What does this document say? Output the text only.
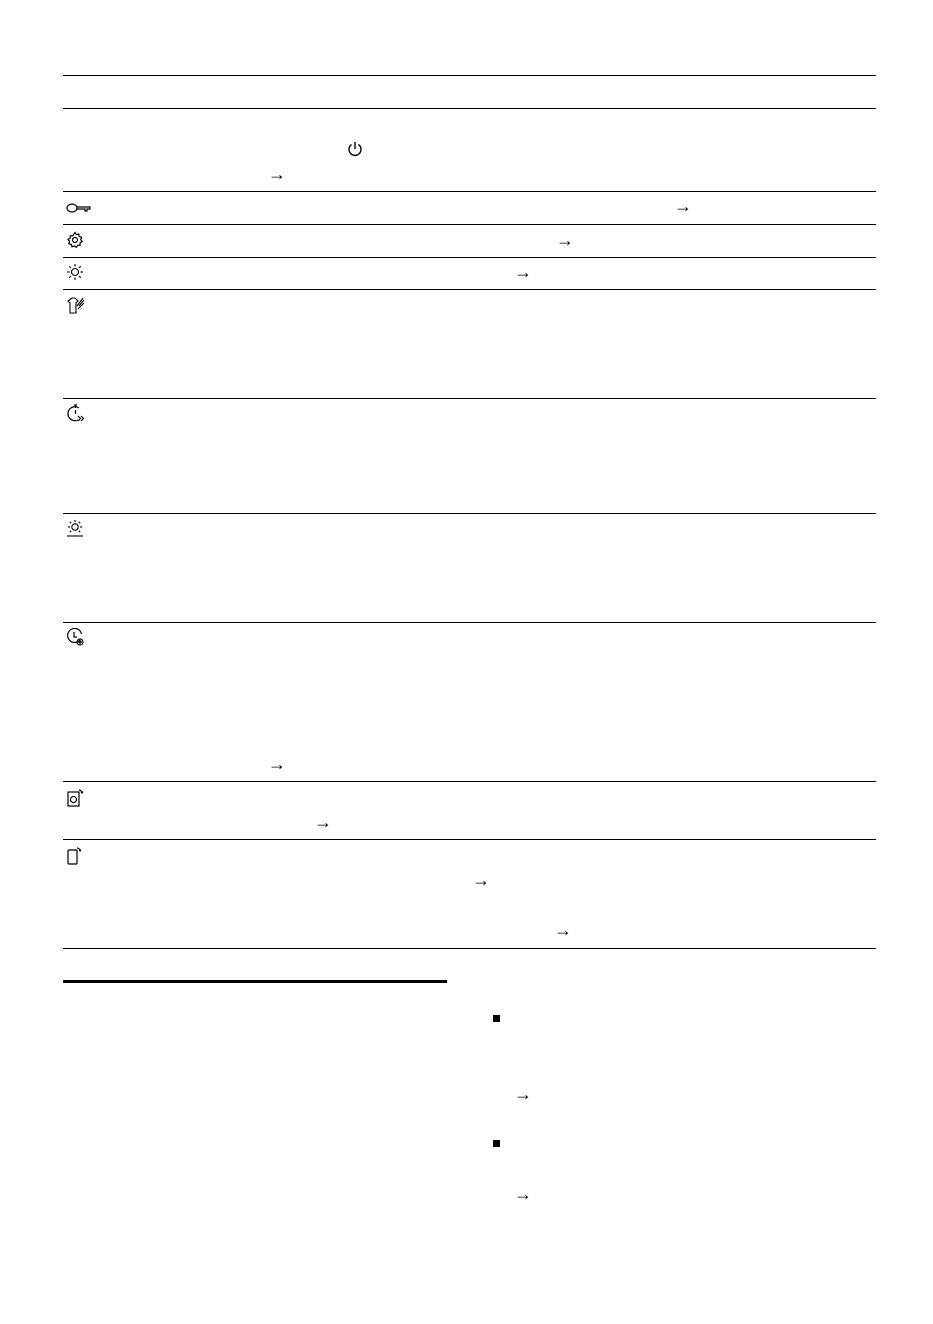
→
→
→
→
→
→
→
→
→
→
